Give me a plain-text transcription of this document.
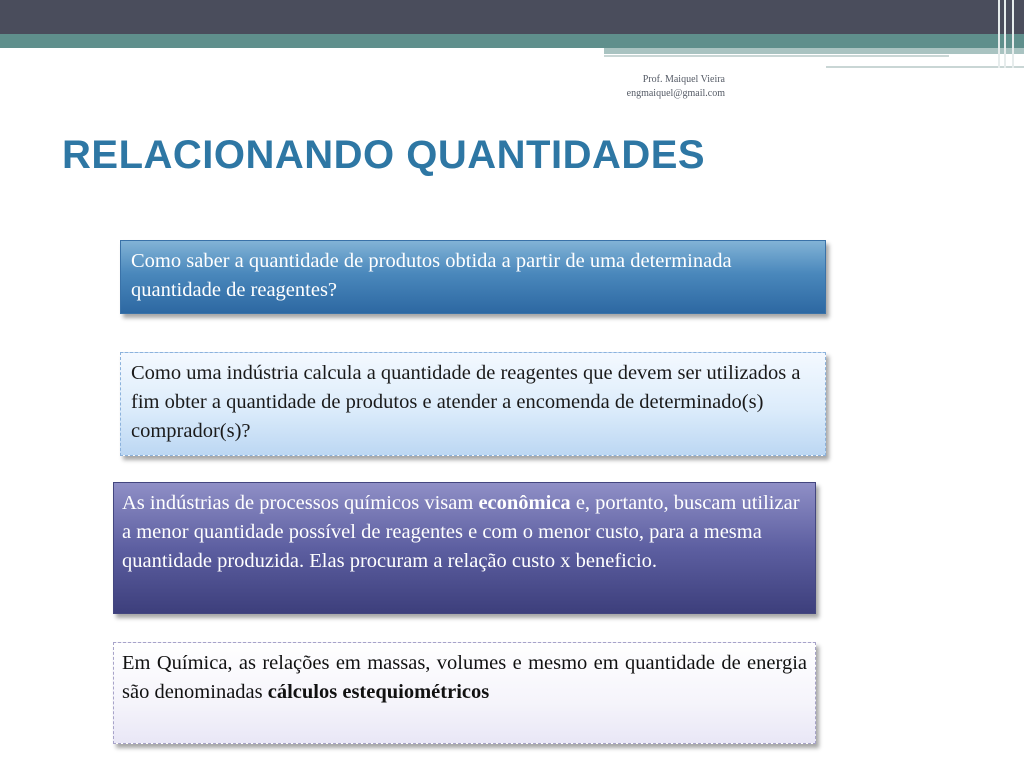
Prof. Maiquel Vieira
engmaiquel@gmail.com
RELACIONANDO QUANTIDADES
Como saber a quantidade de produtos obtida a partir de uma determinada quantidade de reagentes?
Como uma indústria calcula a quantidade de reagentes que devem ser utilizados a fim obter a quantidade de produtos e atender a encomenda de determinado(s) comprador(s)?
As indústrias de processos químicos visam econômica e, portanto, buscam utilizar a menor quantidade possível de reagentes e com o menor custo, para a mesma quantidade produzida. Elas procuram a relação custo x beneficio.
Em Química, as relações em massas, volumes e mesmo em quantidade de energia são denominadas cálculos estequiométricos
